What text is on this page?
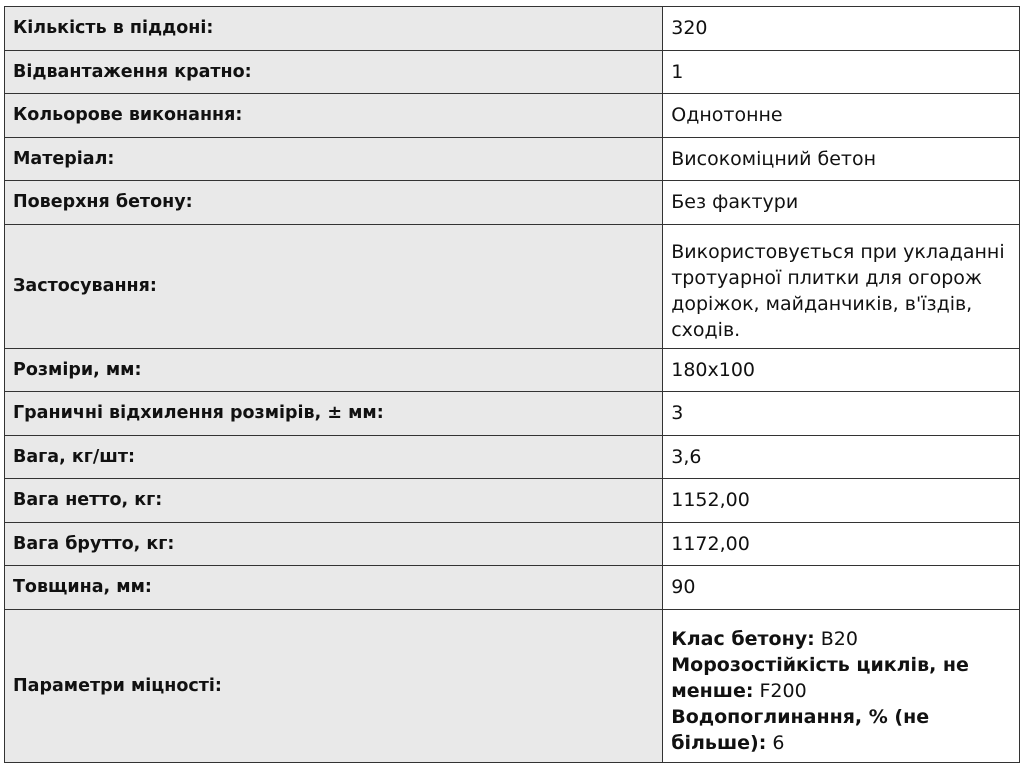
Кількість в піддоні:	320
Відвантаження кратно:	1
Кольорове виконання:	Однотонне
Матеріал:	Високоміцний бетон
Поверхня бетону:	Без фактури
Застосування:	Використовується при укладанні тротуарної плитки для огорож доріжок, майданчиків, в'їздів, сходів.
Розміри, мм:	180х100
Граничні відхилення розмірів, ± мм:	3
Вага, кг/шт:	3,6
Вага нетто, кг:	1152,00
Вага брутто, кг:	1172,00
Товщина, мм:	90
Параметри міцності:	Клас бетону: B20
Морозостійкість циклів, не менше: F200
Водопоглинання, % (не більше): 6
